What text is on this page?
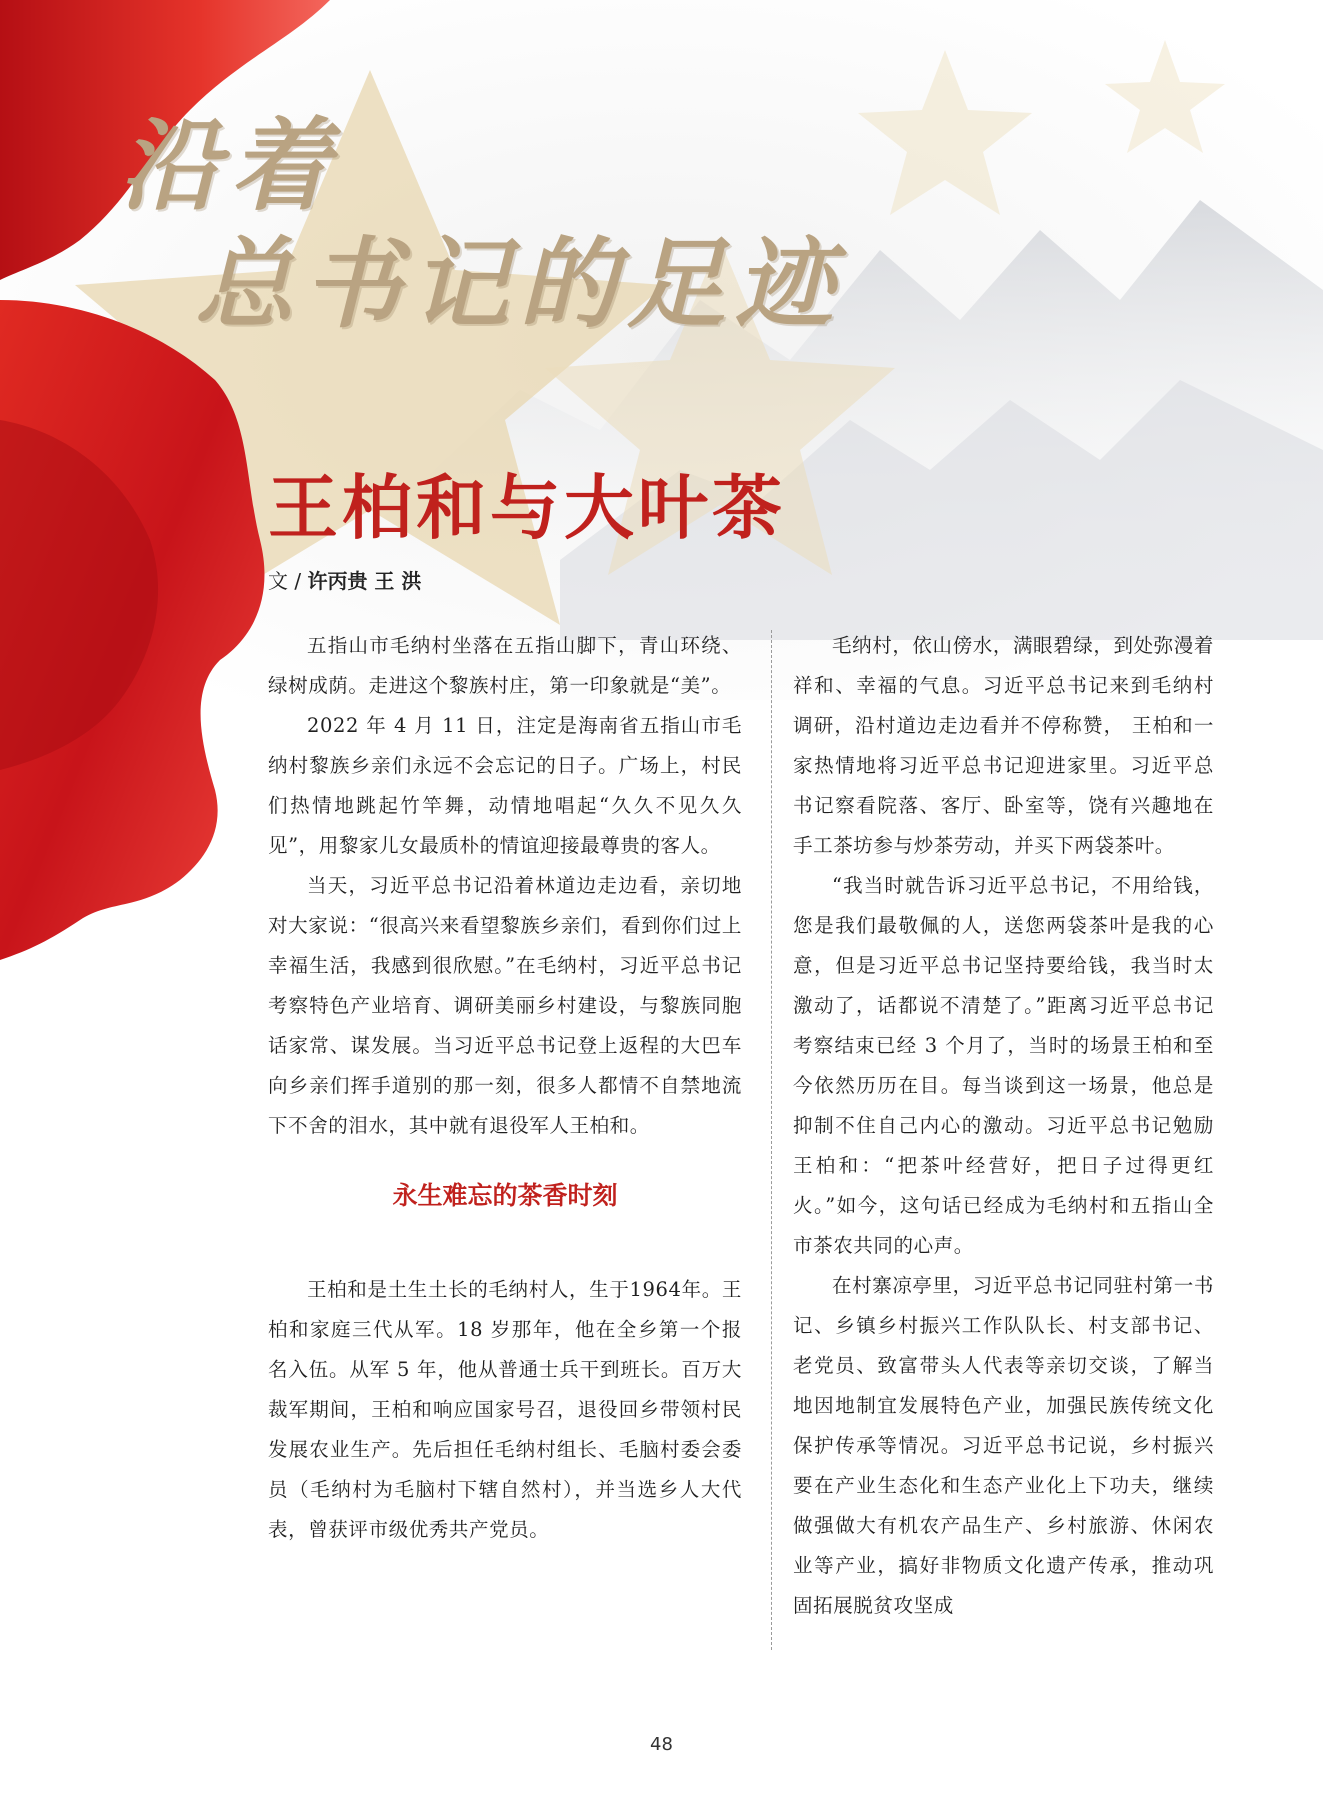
沿着
总书记的足迹
王柏和与大叶茶
文 / 许丙贵 王 洪

五指山市毛纳村坐落在五指山脚下，青山环绕、绿树成荫。走进这个黎族村庄，第一印象就是“美”。

2022 年 4 月 11 日，注定是海南省五指山市毛纳村黎族乡亲们永远不会忘记的日子。广场上，村民们热情地跳起竹竿舞，动情地唱起“久久不见久久见”，用黎家儿女最质朴的情谊迎接最尊贵的客人。

当天，习近平总书记沿着林道边走边看，亲切地对大家说：“很高兴来看望黎族乡亲们，看到你们过上幸福生活，我感到很欣慰。”在毛纳村，习近平总书记考察特色产业培育、调研美丽乡村建设，与黎族同胞话家常、谋发展。当习近平总书记登上返程的大巴车向乡亲们挥手道别的那一刻，很多人都情不自禁地流下不舍的泪水，其中就有退役军人王柏和。

永生难忘的茶香时刻

王柏和是土生土长的毛纳村人，生于1964年。王柏和家庭三代从军。18 岁那年，他在全乡第一个报名入伍。从军 5 年，他从普通士兵干到班长。百万大裁军期间，王柏和响应国家号召，退役回乡带领村民发展农业生产。先后担任毛纳村组长、毛脑村委会委员（毛纳村为毛脑村下辖自然村），并当选乡人大代表，曾获评市级优秀共产党员。

毛纳村，依山傍水，满眼碧绿，到处弥漫着祥和、幸福的气息。习近平总书记来到毛纳村调研，沿村道边走边看并不停称赞， 王柏和一家热情地将习近平总书记迎进家里。习近平总书记察看院落、客厅、卧室等，饶有兴趣地在手工茶坊参与炒茶劳动，并买下两袋茶叶。

“我当时就告诉习近平总书记，不用给钱，您是我们最敬佩的人，送您两袋茶叶是我的心意，但是习近平总书记坚持要给钱，我当时太激动了，话都说不清楚了。”距离习近平总书记考察结束已经 3 个月了，当时的场景王柏和至今依然历历在目。每当谈到这一场景，他总是抑制不住自己内心的激动。习近平总书记勉励王柏和：“把茶叶经营好，把日子过得更红火。”如今，这句话已经成为毛纳村和五指山全市茶农共同的心声。

在村寨凉亭里，习近平总书记同驻村第一书记、乡镇乡村振兴工作队队长、村支部书记、老党员、致富带头人代表等亲切交谈，了解当地因地制宜发展特色产业，加强民族传统文化保护传承等情况。习近平总书记说，乡村振兴要在产业生态化和生态产业化上下功夫，继续做强做大有机农产品生产、乡村旅游、休闲农业等产业，搞好非物质文化遗产传承，推动巩固拓展脱贫攻坚成

48
